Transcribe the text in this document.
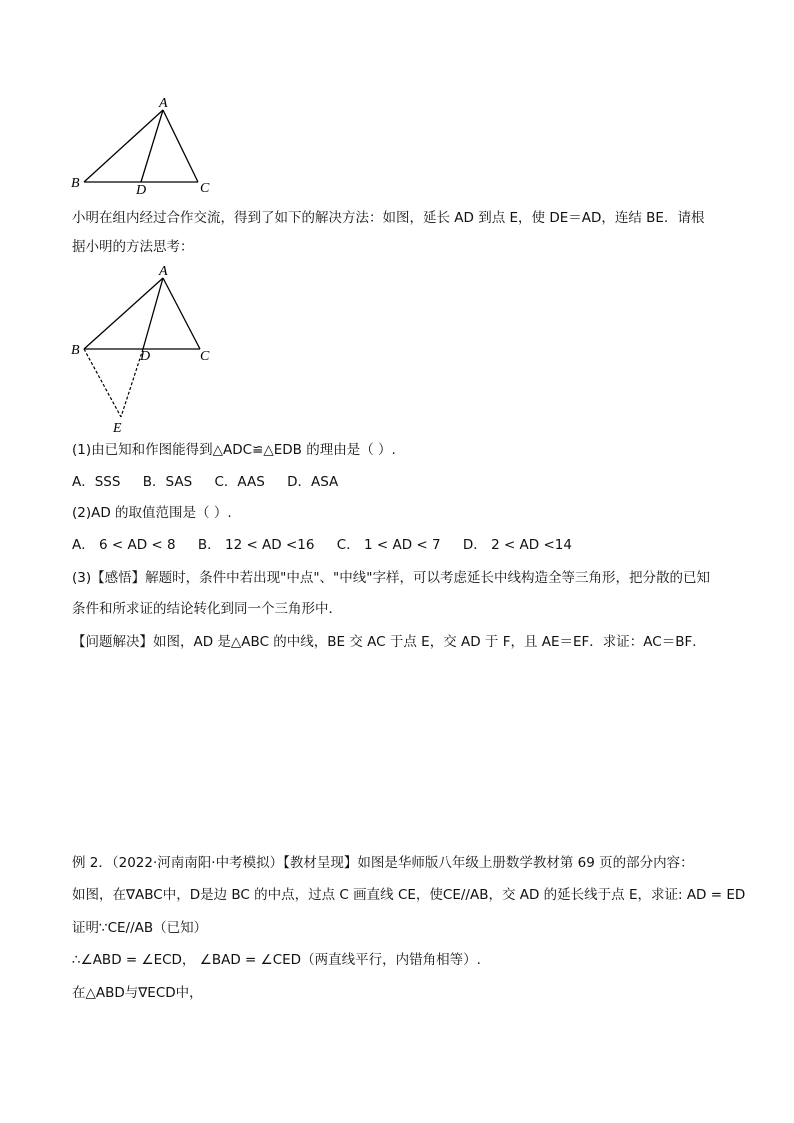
A
B	C
D
小明在组内经过合作交流，得到了如下的解决方法：如图，延长 AD 到点 E，使 DE＝AD，连结 BE．请根
据小明的方法思考：
A
B	C
D
E
(1)由已知和作图能得到△ADC≌△EDB 的理由是（ ）.
A．SSS B．SAS C．AAS D．ASA
(2)AD 的取值范围是（ ）.
A． 6 < AD < 8 B． 12 < AD <16 C． 1 < AD < 7 D． 2 < AD <14
(3)【感悟】解题时，条件中若出现"中点"、"中线"字样，可以考虑延长中线构造全等三角形，把分散的已知
条件和所求证的结论转化到同一个三角形中．
【问题解决】如图，AD 是△ABC 的中线，BE 交 AC 于点 E，交 AD 于 F，且 AE＝EF．求证：AC＝BF．
例 2．（2022·河南南阳·中考模拟）【教材呈现】如图是华师版八年级上册数学教材第 69 页的部分内容：
如图，在∇ABC中，D是边 BC 的中点，过点 C 画直线 CE，使CE//AB，交 AD 的延长线于点 E，求证: AD = ED
证明∵CE//AB（已知）
∴∠ABD = ∠ECD， ∠BAD = ∠CED（两直线平行，内错角相等）.
在△ABD与∇ECD中，
